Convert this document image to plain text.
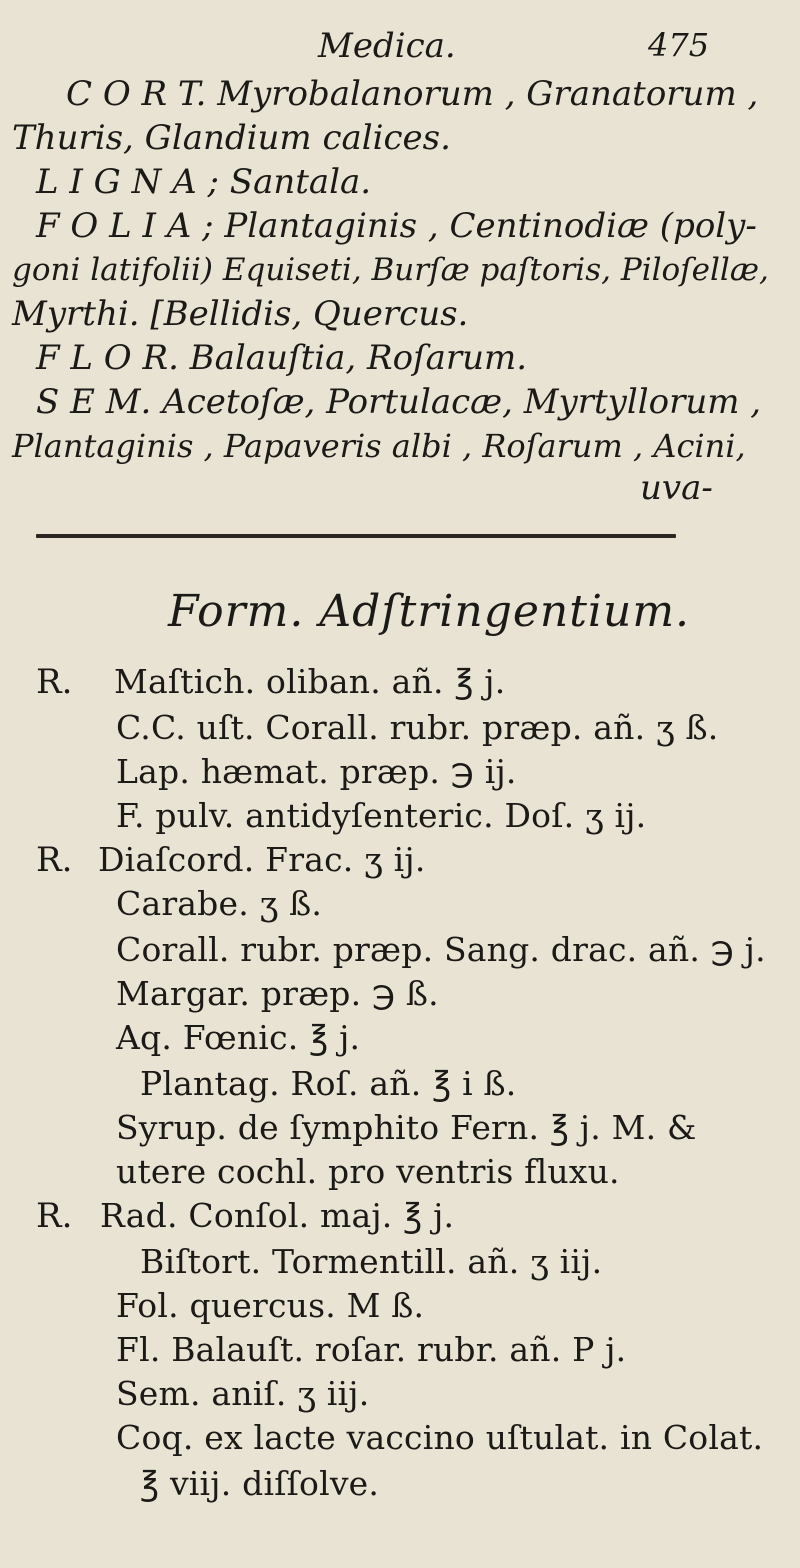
Medica.	475
C O R T. Myrobalanorum , Granatorum ,
Thuris, Glandium calices.
L I G N A ; Santala.
F O L I A ; Plantaginis , Centinodiæ (poly-
goni latifolii) Equiseti, Burſæ paſtoris, Piloſellæ,
Myrthi. [Bellidis, Quercus.
F L O R. Balauſtia, Roſarum.
S E M. Acetoſæ, Portulacæ, Myrtyllorum ,
Plantaginis , Papaveris albi , Roſarum , Acini,
uva-
Form. Adſtringentium.
R. Maſtich. oliban. añ. ℥ j.
C.C. uſt. Corall. rubr. præp. añ. ʒ ß.
Lap. hæmat. præp. ℈ ij.
F. pulv. antidyſenteric. Doſ. ʒ ij.
R. Diaſcord. Frac. ʒ ij.
Carabe. ʒ ß.
Corall. rubr. præp. Sang. drac. añ. ℈ j.
Margar. præp. ℈ ß.
Aq. Fœnic. ℥ j.
Plantag. Roſ. añ. ℥ i ß.
Syrup. de ſymphito Fern. ℥ j. M. &
utere cochl. pro ventris fluxu.
R. Rad. Conſol. maj. ℥ j.
Biſtort. Tormentill. añ. ʒ iij.
Fol. quercus. M ß.
Fl. Balauſt. roſar. rubr. añ. P j.
Sem. aniſ. ʒ iij.
Coq. ex lacte vaccino uſtulat. in Colat.
℥ viij. diſſolve.
